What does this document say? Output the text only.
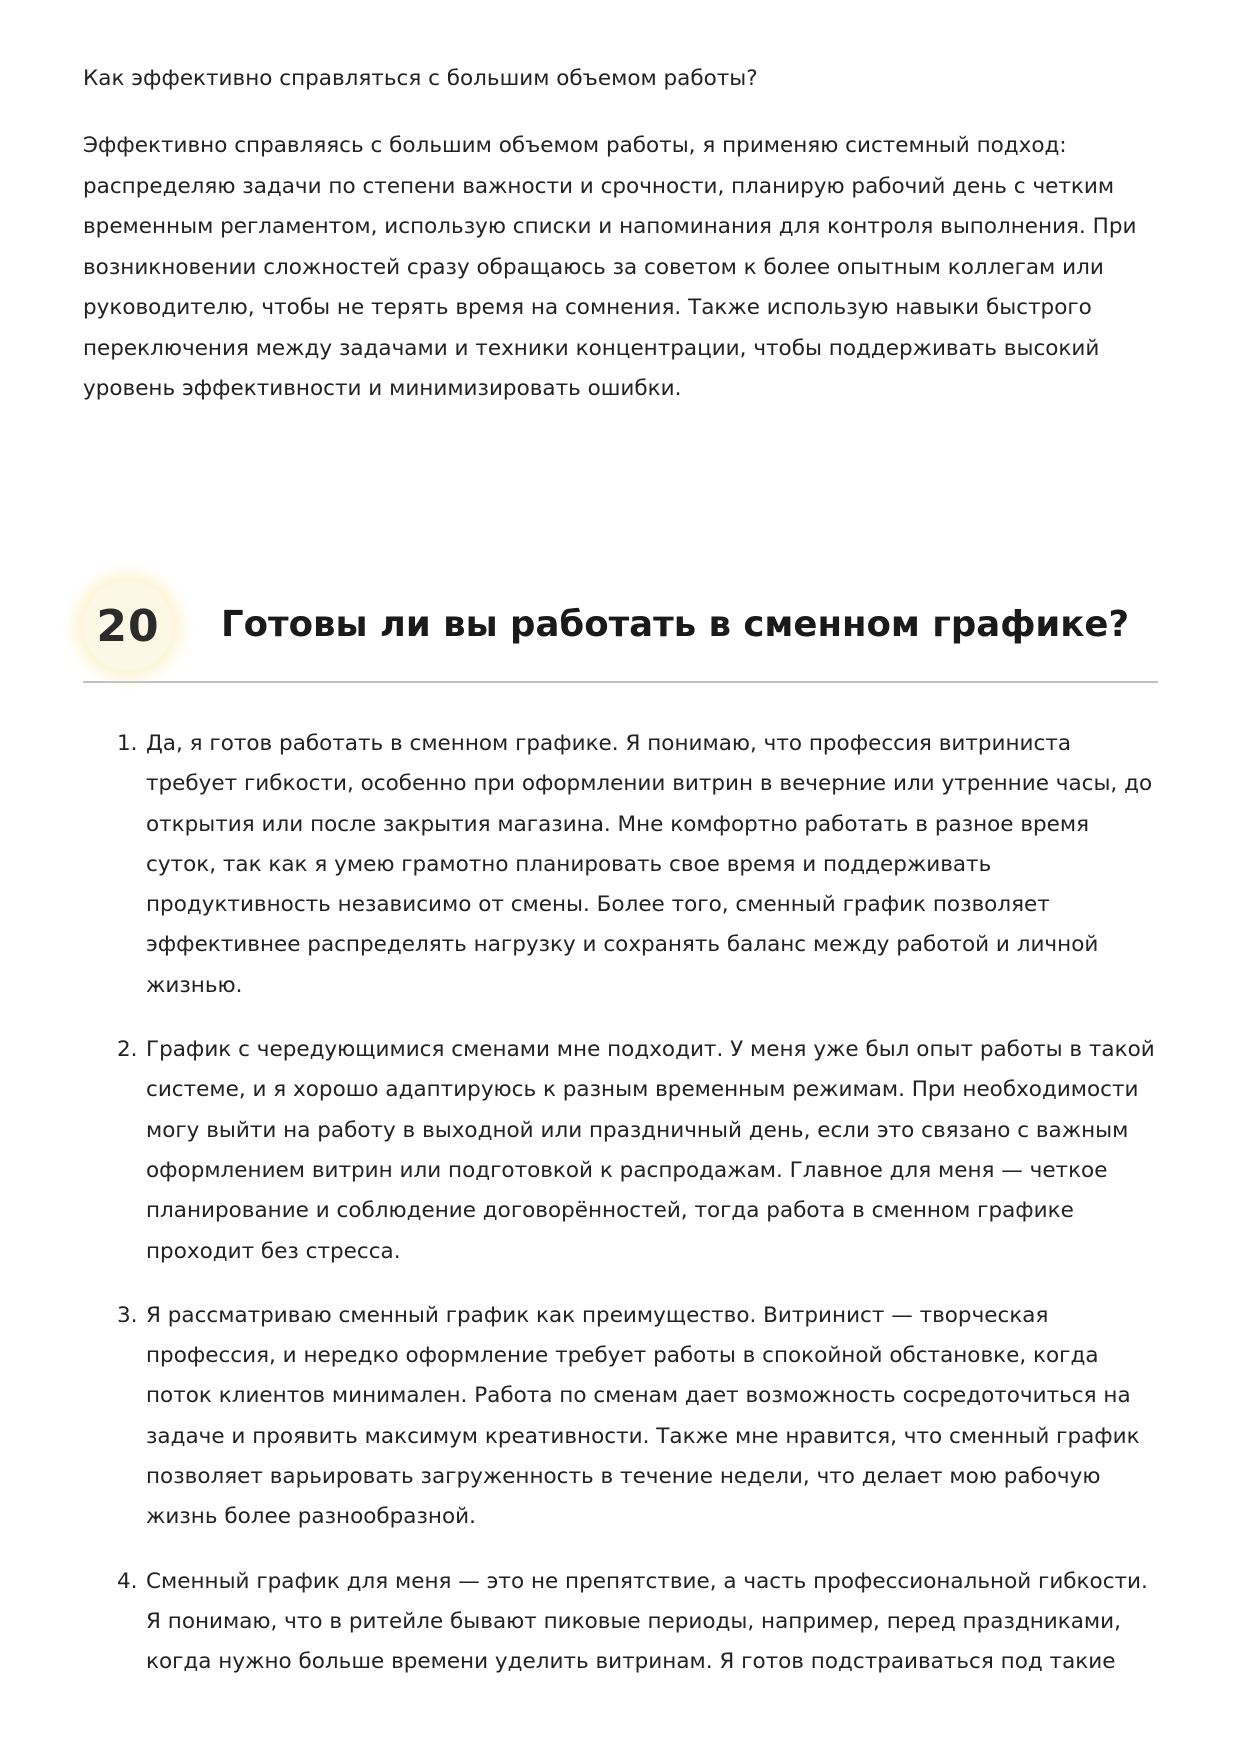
Как эффективно справляться с большим объемом работы?

Эффективно справляясь с большим объемом работы, я применяю системный подход: распределяю задачи по степени важности и срочности, планирую рабочий день с четким временным регламентом, использую списки и напоминания для контроля выполнения. При возникновении сложностей сразу обращаюсь за советом к более опытным коллегам или руководителю, чтобы не терять время на сомнения. Также использую навыки быстрого переключения между задачами и техники концентрации, чтобы поддерживать высокий уровень эффективности и минимизировать ошибки.

20 Готовы ли вы работать в сменном графике?
1. Да, я готов работать в сменном графике. Я понимаю, что профессия витриниста требует гибкости, особенно при оформлении витрин в вечерние или утренние часы, до открытия или после закрытия магазина. Мне комфортно работать в разное время суток, так как я умею грамотно планировать свое время и поддерживать продуктивность независимо от смены. Более того, сменный график позволяет эффективнее распределять нагрузку и сохранять баланс между работой и личной жизнью.
2. График с чередующимися сменами мне подходит. У меня уже был опыт работы в такой системе, и я хорошо адаптируюсь к разным временным режимам. При необходимости могу выйти на работу в выходной или праздничный день, если это связано с важным оформлением витрин или подготовкой к распродажам. Главное для меня — четкое планирование и соблюдение договорённостей, тогда работа в сменном графике проходит без стресса.
3. Я рассматриваю сменный график как преимущество. Витринист — творческая профессия, и нередко оформление требует работы в спокойной обстановке, когда поток клиентов минимален. Работа по сменам дает возможность сосредоточиться на задаче и проявить максимум креативности. Также мне нравится, что сменный график позволяет варьировать загруженность в течение недели, что делает мою рабочую жизнь более разнообразной.
4. Сменный график для меня — это не препятствие, а часть профессиональной гибкости. Я понимаю, что в ритейле бывают пиковые периоды, например, перед праздниками, когда нужно больше времени уделить витринам. Я готов подстраиваться под такие
